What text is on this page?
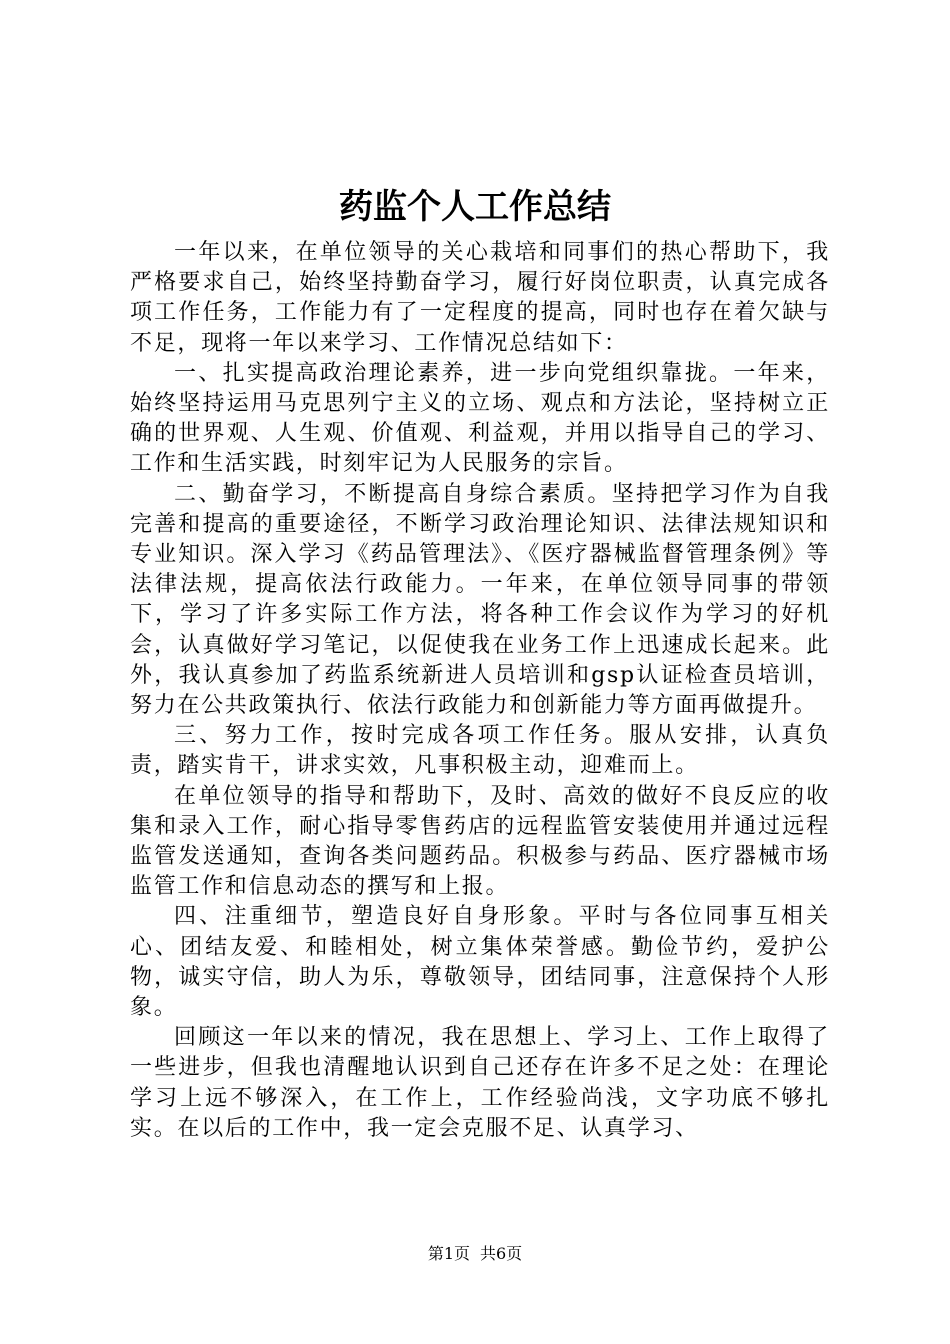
药监个人工作总结

一年以来，在单位领导的关心栽培和同事们的热心帮助下，我严格要求自己，始终坚持勤奋学习，履行好岗位职责，认真完成各项工作任务，工作能力有了一定程度的提高，同时也存在着欠缺与不足，现将一年以来学习、工作情况总结如下：

一、扎实提高政治理论素养，进一步向党组织靠拢。一年来，始终坚持运用马克思列宁主义的立场、观点和方法论，坚持树立正确的世界观、人生观、价值观、利益观，并用以指导自己的学习、工作和生活实践，时刻牢记为人民服务的宗旨。

二、勤奋学习，不断提高自身综合素质。坚持把学习作为自我完善和提高的重要途径，不断学习政治理论知识、法律法规知识和专业知识。深入学习《药品管理法》、《医疗器械监督管理条例》等法律法规，提高依法行政能力。一年来，在单位领导同事的带领下，学习了许多实际工作方法，将各种工作会议作为学习的好机会，认真做好学习笔记，以促使我在业务工作上迅速成长起来。此外，我认真参加了药监系统新进人员培训和gsp认证检查员培训，努力在公共政策执行、依法行政能力和创新能力等方面再做提升。

三、努力工作，按时完成各项工作任务。服从安排，认真负责，踏实肯干，讲求实效，凡事积极主动，迎难而上。

在单位领导的指导和帮助下，及时、高效的做好不良反应的收集和录入工作，耐心指导零售药店的远程监管安装使用并通过远程监管发送通知，查询各类问题药品。积极参与药品、医疗器械市场监管工作和信息动态的撰写和上报。

四、注重细节，塑造良好自身形象。平时与各位同事互相关心、团结友爱、和睦相处，树立集体荣誉感。勤俭节约，爱护公物，诚实守信，助人为乐，尊敬领导，团结同事，注意保持个人形象。

回顾这一年以来的情况，我在思想上、学习上、工作上取得了一些进步，但我也清醒地认识到自己还存在许多不足之处：在理论学习上远不够深入，在工作上，工作经验尚浅，文字功底不够扎实。在以后的工作中，我一定会克服不足、认真学习、

第1页 共6页
